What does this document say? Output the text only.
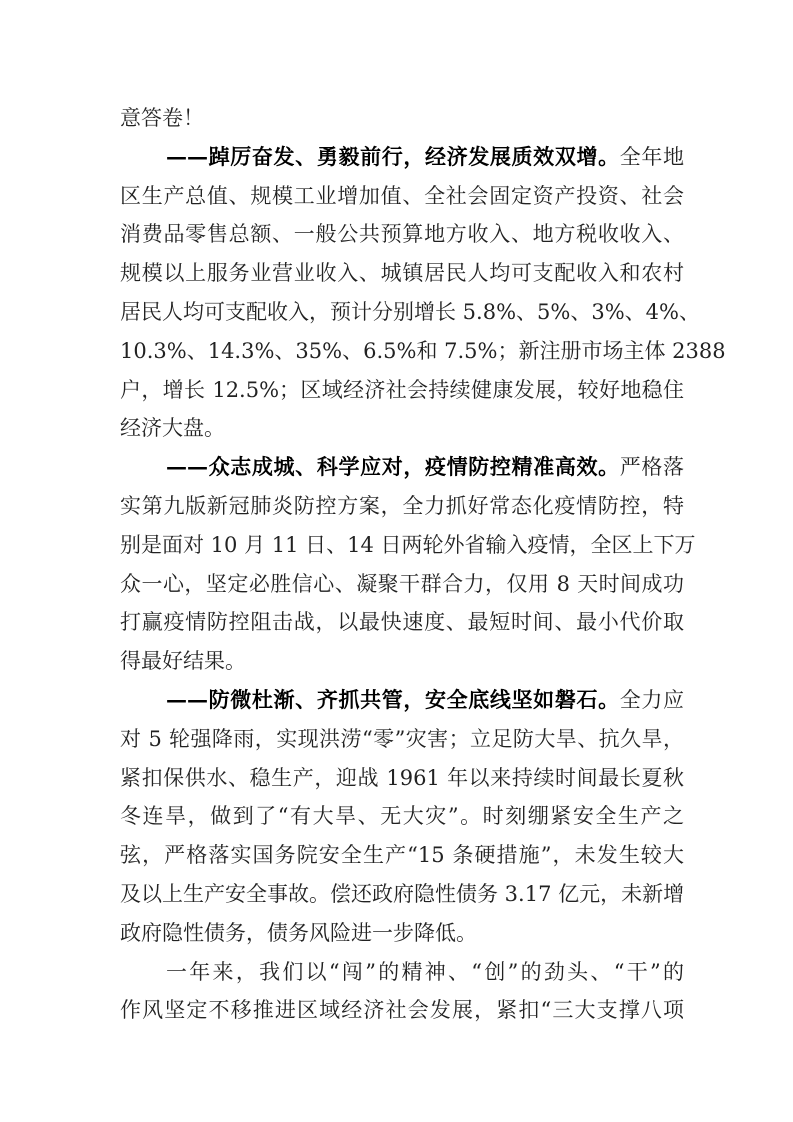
意答卷！
——踔厉奋发、勇毅前行，经济发展质效双增。全年地
区生产总值、规模工业增加值、全社会固定资产投资、社会
消费品零售总额、一般公共预算地方收入、地方税收收入、
规模以上服务业营业收入、城镇居民人均可支配收入和农村
居民人均可支配收入，预计分别增长 5.8%、5%、3%、4%、
10.3%、14.3%、35%、6.5%和 7.5%；新注册市场主体 2388
户，增长 12.5%；区域经济社会持续健康发展，较好地稳住
经济大盘。
——众志成城、科学应对，疫情防控精准高效。严格落
实第九版新冠肺炎防控方案，全力抓好常态化疫情防控，特
别是面对 10 月 11 日、14 日两轮外省输入疫情，全区上下万
众一心，坚定必胜信心、凝聚干群合力，仅用 8 天时间成功
打赢疫情防控阻击战，以最快速度、最短时间、最小代价取
得最好结果。
——防微杜渐、齐抓共管，安全底线坚如磐石。全力应
对 5 轮强降雨，实现洪涝“零”灾害；立足防大旱、抗久旱，
紧扣保供水、稳生产，迎战 1961 年以来持续时间最长夏秋
冬连旱，做到了“有大旱、无大灾”。时刻绷紧安全生产之
弦，严格落实国务院安全生产“15 条硬措施”，未发生较大
及以上生产安全事故。偿还政府隐性债务 3.17 亿元，未新增
政府隐性债务，债务风险进一步降低。
一年来，我们以“闯”的精神、“创”的劲头、“干”的
作风坚定不移推进区域经济社会发展，紧扣“三大支撑八项
